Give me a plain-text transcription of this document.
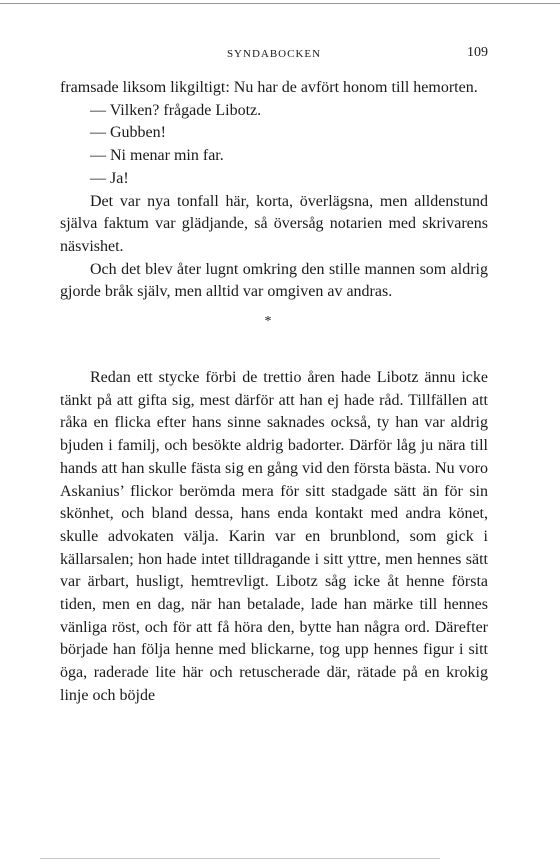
SYNDABOCKEN	109

framsade liksom likgiltigt: Nu har de avfört honom till hemorten.

— Vilken? frågade Libotz.

— Gubben!

— Ni menar min far.

— Ja!

Det var nya tonfall här, korta, överlägsna, men alldenstund själva faktum var glädjande, så översåg notarien med skrivarens näsvishet.

Och det blev åter lugnt omkring den stille mannen som aldrig gjorde bråk själv, men alltid var omgiven av andras.

*

Redan ett stycke förbi de trettio åren hade Libotz ännu icke tänkt på att gifta sig, mest därför att han ej hade råd. Tillfällen att råka en flicka efter hans sinne saknades också, ty han var aldrig bjuden i familj, och besökte aldrig badorter. Därför låg ju nära till hands att han skulle fästa sig en gång vid den första bästa. Nu voro Askanius’ flickor berömda mera för sitt stadgade sätt än för sin skönhet, och bland dessa, hans enda kontakt med andra könet, skulle advokaten välja. Karin var en brunblond, som gick i källarsalen; hon hade intet tilldragande i sitt yttre, men hennes sätt var ärbart, husligt, hemtrevligt. Libotz såg icke åt henne första tiden, men en dag, när han betalade, lade han märke till hennes vänliga röst, och för att få höra den, bytte han några ord. Därefter började han följa henne med blickarne, tog upp hennes figur i sitt öga, raderade lite här och retuscherade där, rätade på en krokig linje och böjde
